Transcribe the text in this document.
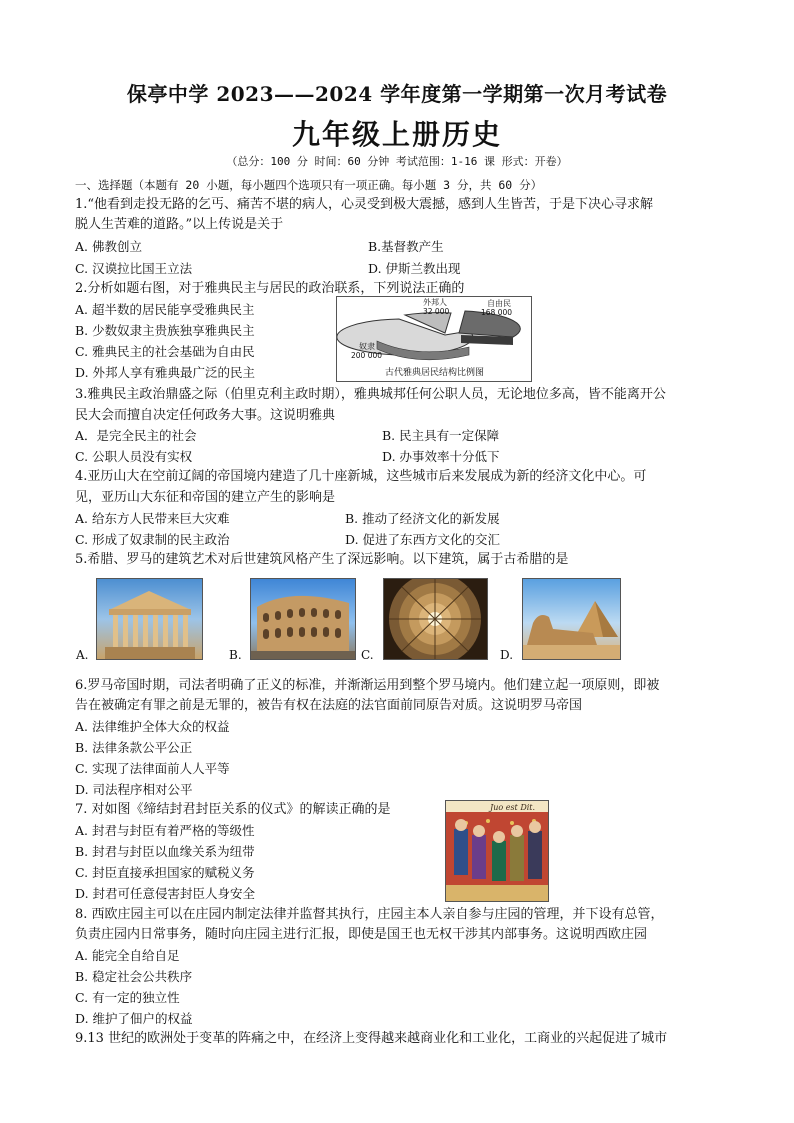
保亭中学 2023——2024 学年度第一学期第一次月考试卷
九年级上册历史
（总分：100 分 时间：60 分钟 考试范围：1-16 课 形式：开卷）
一、选择题（本题有 20 小题，每小题四个选项只有一项正确。每小题 3 分，共 60 分）
1.“他看到走投无路的乞丐、痛苦不堪的病人，心灵受到极大震撼，感到人生皆苦，于是下决心寻求解
脱人生苦难的道路。”以上传说是关于
A. 佛教创立	B.基督教产生
C. 汉谟拉比国王立法	D. 伊斯兰教出现
2.分析如题右图，对于雅典民主与居民的政治联系，下列说法正确的
A. 超半数的居民能享受雅典民主
B. 少数奴隶主贵族独享雅典民主
C. 雅典民主的社会基础为自由民
D. 外邦人享有雅典最广泛的民主
外邦人
32 000
自由民
168 000
奴隶
200 000
古代雅典居民结构比例图
3.雅典民主政治鼎盛之际（伯里克利主政时期），雅典城邦任何公职人员，无论地位多高，皆不能离开公
民大会而擅自决定任何政务大事。这说明雅典
A．是完全民主的社会	B. 民主具有一定保障
C. 公职人员没有实权	D. 办事效率十分低下
4.亚历山大在空前辽阔的帝国境内建造了几十座新城，这些城市后来发展成为新的经济文化中心。可
见，亚历山大东征和帝国的建立产生的影响是
A. 给东方人民带来巨大灾难	B. 推动了经济文化的新发展
C. 形成了奴隶制的民主政治	D. 促进了东西方文化的交汇
5.希腊、罗马的建筑艺术对后世建筑风格产生了深远影响。以下建筑，属于古希腊的是
A.	B.	C.	D.
6.罗马帝国时期，司法者明确了正义的标准，并渐渐运用到整个罗马境内。他们建立起一项原则，即被
告在被确定有罪之前是无罪的，被告有权在法庭的法官面前同原告对质。这说明罗马帝国
A. 法律维护全体大众的权益
B. 法律条款公平公正
C. 实现了法律面前人人平等
D. 司法程序相对公平
7. 对如图《缔结封君封臣关系的仪式》的解读正确的是
A. 封君与封臣有着严格的等级性
B. 封君与封臣以血缘关系为纽带
C. 封臣直接承担国家的赋税义务
D. 封君可任意侵害封臣人身安全
Juo est Dit.
8. 西欧庄园主可以在庄园内制定法律并监督其执行，庄园主本人亲自参与庄园的管理，并下设有总管，
负责庄园内日常事务，随时向庄园主进行汇报，即使是国王也无权干涉其内部事务。这说明西欧庄园
A. 能完全自给自足
B. 稳定社会公共秩序
C. 有一定的独立性
D. 维护了佃户的权益
9.13 世纪的欧洲处于变革的阵痛之中，在经济上变得越来越商业化和工业化，工商业的兴起促进了城市
